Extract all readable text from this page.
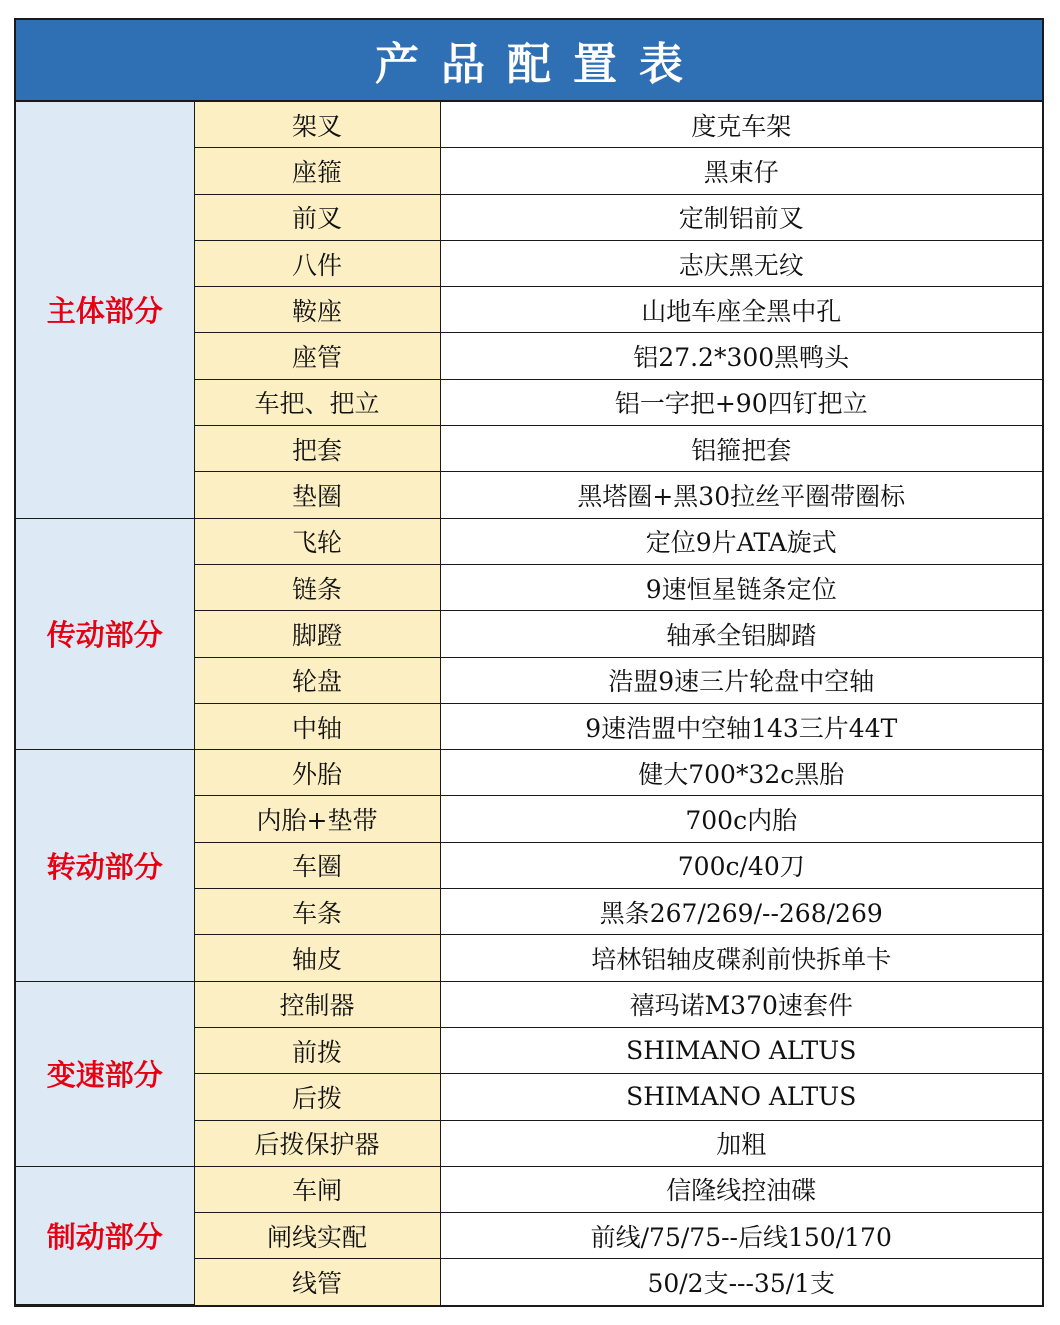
产品配置表
主体部分	架叉	度克车架
	座箍	黑束仔
	前叉	定制铝前叉
	八件	志庆黑无纹
	鞍座	山地车座全黑中孔
	座管	铝27.2*300黑鸭头
	车把、把立	铝一字把+90四钉把立
	把套	铝箍把套
	垫圈	黑塔圈+黑30拉丝平圈带圈标
传动部分	飞轮	定位9片ATA旋式
	链条	9速恒星链条定位
	脚蹬	轴承全铝脚踏
	轮盘	浩盟9速三片轮盘中空轴
	中轴	9速浩盟中空轴143三片44T
转动部分	外胎	健大700*32c黑胎
	内胎+垫带	700c内胎
	车圈	700c/40刀
	车条	黑条267/269/--268/269
	轴皮	培林铝轴皮碟刹前快拆单卡
变速部分	控制器	禧玛诺M370速套件
	前拨	SHIMANO ALTUS
	后拨	SHIMANO ALTUS
	后拨保护器	加粗
制动部分	车闸	信隆线控油碟
	闸线实配	前线/75/75--后线150/170
	线管	50/2支---35/1支
